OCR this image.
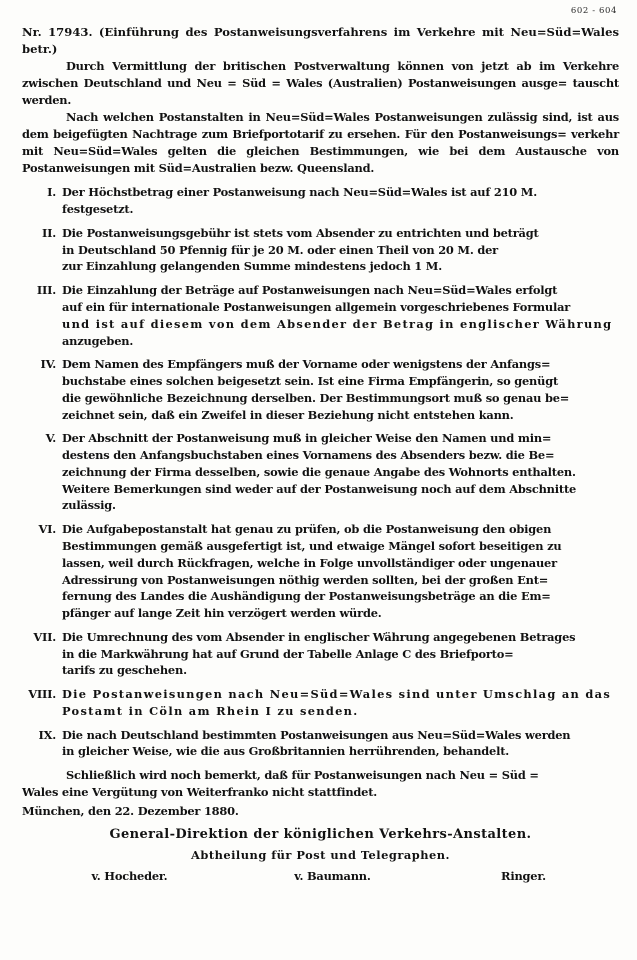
602 - 604
Nr. 17943. (Einführung des Postanweisungsverfahrens im Verkehre mit Neu=Süd=Wales betr.)

Durch Vermittlung der britischen Postverwaltung können von jetzt ab im Verkehre zwischen Deutschland und Neu = Süd = Wales (Australien) Postanweisungen ausge= tauscht werden.

Nach welchen Postanstalten in Neu=Süd=Wales Postanweisungen zulässig sind, ist aus dem beigefügten Nachtrage zum Briefportotarif zu ersehen. Für den Postanweisungs= verkehr mit Neu=Süd=Wales gelten die gleichen Bestimmungen, wie bei dem Austausche von Postanweisungen mit Süd=Australien bezw. Queensland.

I. Der Höchstbetrag einer Postanweisung nach Neu=Süd=Wales ist auf 210 M.
festgesetzt.
II. Die Postanweisungsgebühr ist stets vom Absender zu entrichten und beträgt
in Deutschland 50 Pfennig für je 20 M. oder einen Theil von 20 M. der
zur Einzahlung gelangenden Summe mindestens jedoch 1 M.
III. Die Einzahlung der Beträge auf Postanweisungen nach Neu=Süd=Wales erfolgt
auf ein für internationale Postanweisungen allgemein vorgeschriebenes Formular
und ist auf diesem von dem Absender der Betrag in englischer Währung
anzugeben.
IV. Dem Namen des Empfängers muß der Vorname oder wenigstens der Anfangs=
buchstabe eines solchen beigesetzt sein. Ist eine Firma Empfängerin, so genügt
die gewöhnliche Bezeichnung derselben. Der Bestimmungsort muß so genau be=
zeichnet sein, daß ein Zweifel in dieser Beziehung nicht entstehen kann.
V. Der Abschnitt der Postanweisung muß in gleicher Weise den Namen und min=
destens den Anfangsbuchstaben eines Vornamens des Absenders bezw. die Be=
zeichnung der Firma desselben, sowie die genaue Angabe des Wohnorts enthalten.
Weitere Bemerkungen sind weder auf der Postanweisung noch auf dem Abschnitte
zulässig.
VI. Die Aufgabepostanstalt hat genau zu prüfen, ob die Postanweisung den obigen
Bestimmungen gemäß ausgefertigt ist, und etwaige Mängel sofort beseitigen zu
lassen, weil durch Rückfragen, welche in Folge unvollständiger oder ungenauer
Adressirung von Postanweisungen nöthig werden sollten, bei der großen Ent=
fernung des Landes die Aushändigung der Postanweisungsbeträge an die Em=
pfänger auf lange Zeit hin verzögert werden würde.
VII. Die Umrechnung des vom Absender in englischer Währung angegebenen Betrages
in die Markwährung hat auf Grund der Tabelle Anlage C des Briefporto=
tarifs zu geschehen.
VIII. Die Postanweisungen nach Neu=Süd=Wales sind unter Umschlag an das
Postamt in Cöln am Rhein I zu senden.
IX. Die nach Deutschland bestimmten Postanweisungen aus Neu=Süd=Wales werden
in gleicher Weise, wie die aus Großbritannien herrührenden, behandelt.

Schließlich wird noch bemerkt, daß für Postanweisungen nach Neu = Süd =

Wales eine Vergütung von Weiterfranko nicht stattfindet.

München, den 22. Dezember 1880.

General-Direktion der königlichen Verkehrs-Anstalten.
Abtheilung für Post und Telegraphen.
v. Hocheder.	v. Baumann.	Ringer.
